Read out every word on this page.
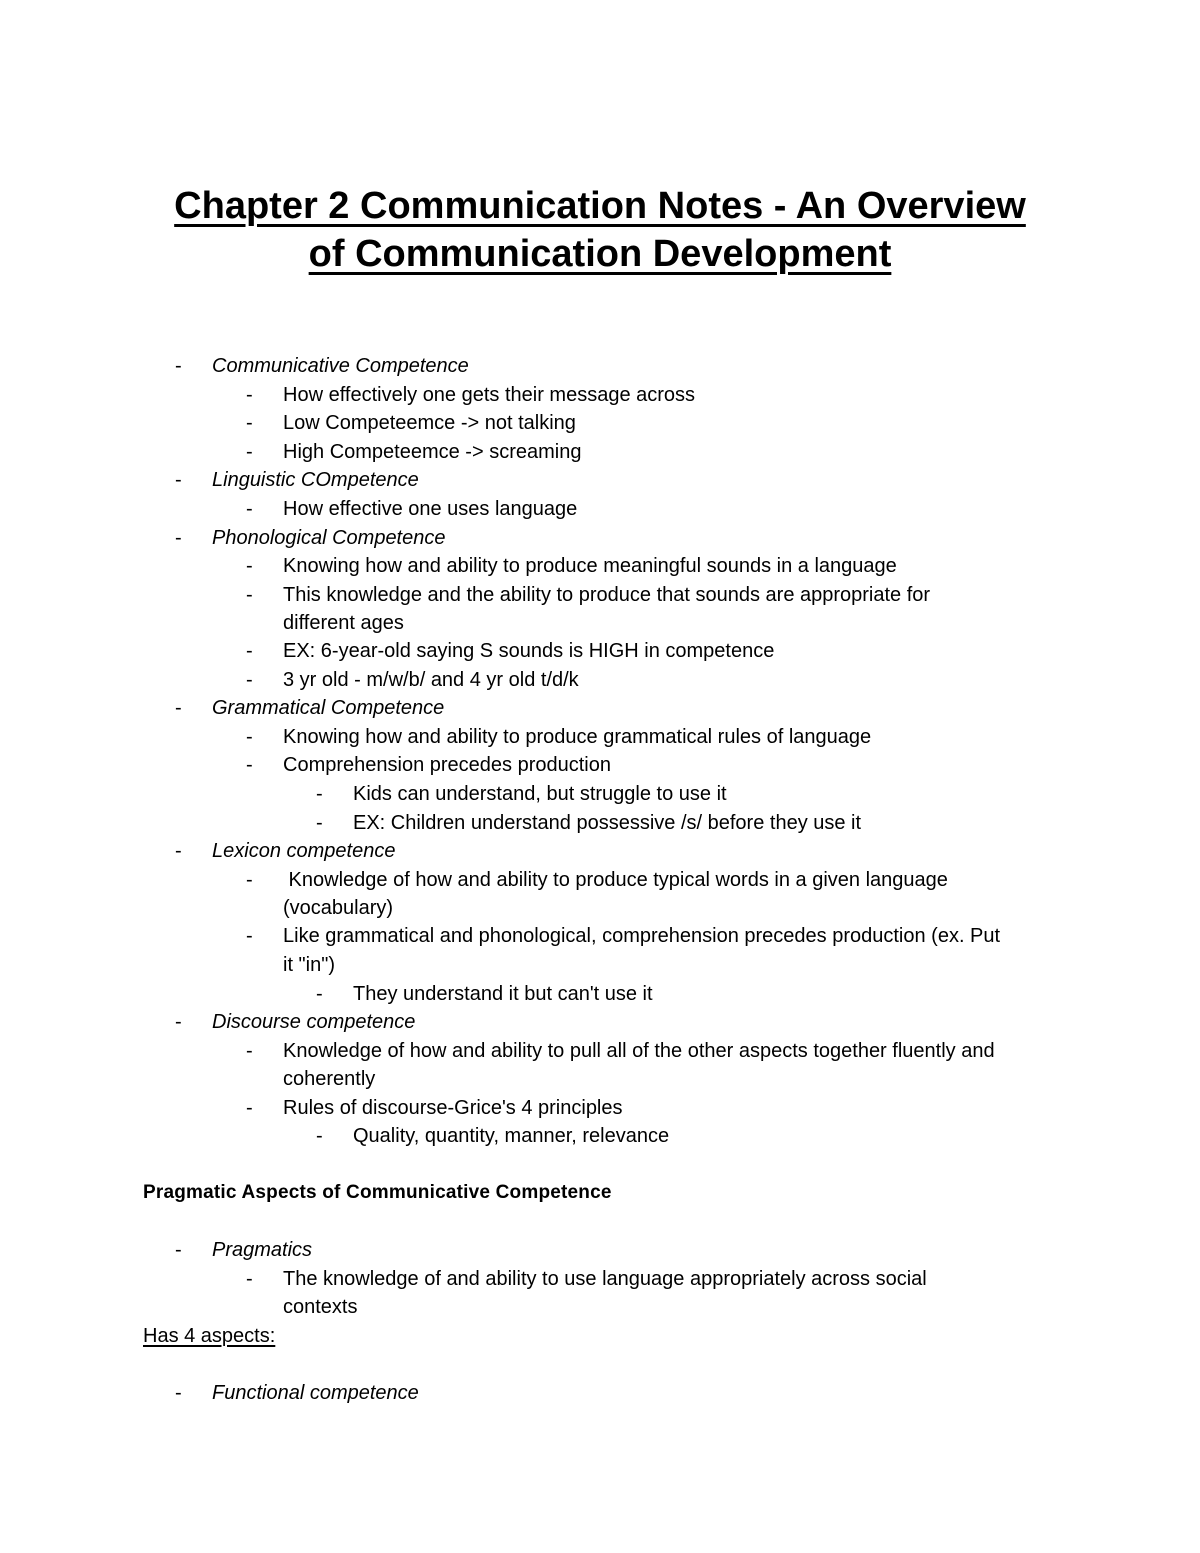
Chapter 2 Communication Notes - An Overview
of Communication Development
- Communicative Competence
- How effectively one gets their message across
- Low Competeemce -> not talking
- High Competeemce -> screaming
- Linguistic COmpetence
- How effective one uses language
- Phonological Competence
- Knowing how and ability to produce meaningful sounds in a language
- This knowledge and the ability to produce that sounds are appropriate for
different ages
- EX: 6-year-old saying S sounds is HIGH in competence
- 3 yr old - m/w/b/ and 4 yr old t/d/k
- Grammatical Competence
- Knowing how and ability to produce grammatical rules of language
- Comprehension precedes production
- Kids can understand, but struggle to use it
- EX: Children understand possessive /s/ before they use it
- Lexicon competence
- Knowledge of how and ability to produce typical words in a given language
(vocabulary)
- Like grammatical and phonological, comprehension precedes production (ex. Put
it "in")
- They understand it but can't use it
- Discourse competence
- Knowledge of how and ability to pull all of the other aspects together fluently and
coherently
- Rules of discourse-Grice's 4 principles
- Quality, quantity, manner, relevance
Pragmatic Aspects of Communicative Competence
- Pragmatics
- The knowledge of and ability to use language appropriately across social
contexts
Has 4 aspects:
- Functional competence
